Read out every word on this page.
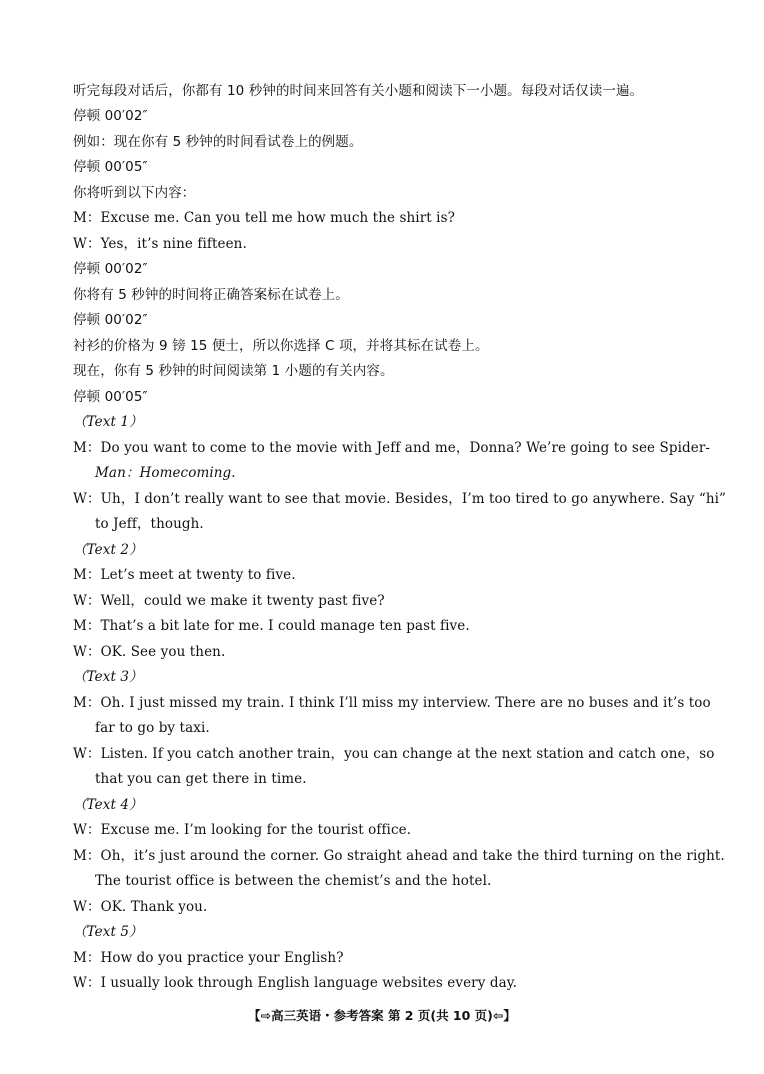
听完每段对话后，你都有 10 秒钟的时间来回答有关小题和阅读下一小题。每段对话仅读一遍。
停顿 00′02″
例如：现在你有 5 秒钟的时间看试卷上的例题。
停顿 00′05″
你将听到以下内容：
M：Excuse me. Can you tell me how much the shirt is?
W：Yes，it’s nine fifteen.
停顿 00′02″
你将有 5 秒钟的时间将正确答案标在试卷上。
停顿 00′02″
衬衫的价格为 9 镑 15 便士，所以你选择 C 项，并将其标在试卷上。
现在，你有 5 秒钟的时间阅读第 1 小题的有关内容。
停顿 00′05″
（Text 1）
M：Do you want to come to the movie with Jeff and me，Donna? We’re going to see Spider-
Man：Homecoming.
W：Uh，I don’t really want to see that movie. Besides，I’m too tired to go anywhere. Say “hi”
to Jeff，though.
（Text 2）
M：Let’s meet at twenty to five.
W：Well，could we make it twenty past five?
M：That’s a bit late for me. I could manage ten past five.
W：OK. See you then.
（Text 3）
M：Oh. I just missed my train. I think I’ll miss my interview. There are no buses and it’s too
far to go by taxi.
W：Listen. If you catch another train，you can change at the next station and catch one，so
that you can get there in time.
（Text 4）
W：Excuse me. I’m looking for the tourist office.
M：Oh，it’s just around the corner. Go straight ahead and take the third turning on the right.
The tourist office is between the chemist’s and the hotel.
W：OK. Thank you.
（Text 5）
M：How do you practice your English?
W：I usually look through English language websites every day.
【⇨高三英语・参考答案 第 2 页(共 10 页)⇦】
